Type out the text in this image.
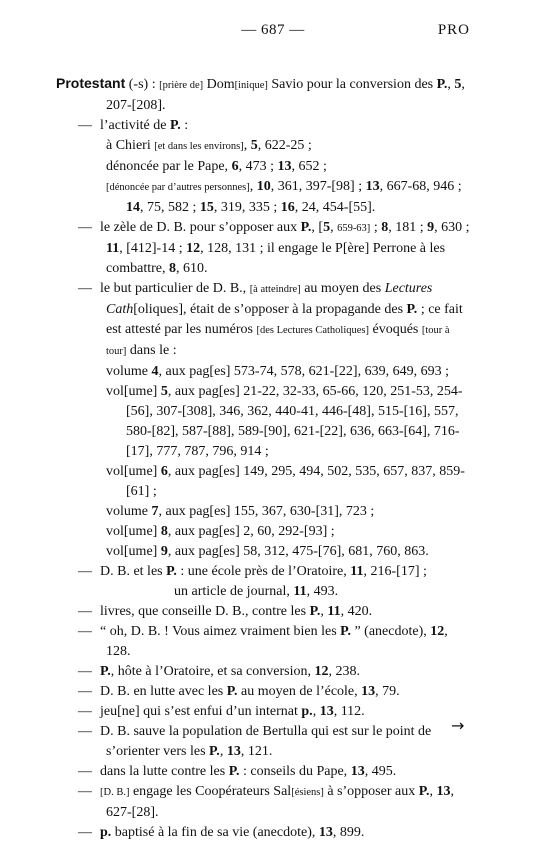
— 687 —	PRO

Protestant (-s) : [prière de] Dom[inique] Savio pour la conversion des P., 5, 207-[208].

— l’activité de P. :

à Chieri [et dans les environs], 5, 622-25 ;

dénoncée par le Pape, 6, 473 ; 13, 652 ;

[dénoncée par d’autres personnes], 10, 361, 397-[98] ; 13, 667-68, 946 ; 14, 75, 582 ; 15, 319, 335 ; 16, 24, 454-[55].

— le zèle de D. B. pour s’opposer aux P., [5, 659-63] ; 8, 181 ; 9, 630 ; 11, [412]-14 ; 12, 128, 131 ; il engage le P[ère] Perrone à les combattre, 8, 610.

— le but particulier de D. B., [à atteindre] au moyen des Lectures Cath[oliques], était de s’opposer à la propagande des P. ; ce fait est attesté par les numéros [des Lectures Catholiques] évoqués [tour à tour] dans le :

volume 4, aux pag[es] 573-74, 578, 621-[22], 639, 649, 693 ;

vol[ume] 5, aux pag[es] 21-22, 32-33, 65-66, 120, 251-53, 254-[56], 307-[308], 346, 362, 440-41, 446-[48], 515-[16], 557, 580-[82], 587-[88], 589-[90], 621-[22], 636, 663-[64], 716-[17], 777, 787, 796, 914 ;

vol[ume] 6, aux pag[es] 149, 295, 494, 502, 535, 657, 837, 859-[61] ;

volume 7, aux pag[es] 155, 367, 630-[31], 723 ;

vol[ume] 8, aux pag[es] 2, 60, 292-[93] ;

vol[ume] 9, aux pag[es] 58, 312, 475-[76], 681, 760, 863.

— D. B. et les P. : une école près de l’Oratoire, 11, 216-[17] ;

un article de journal, 11, 493.

— livres, que conseille D. B., contre les P., 11, 420.

— “ oh, D. B. ! Vous aimez vraiment bien les P. ” (anecdote), 12, 128.

— P., hôte à l’Oratoire, et sa conversion, 12, 238.

— D. B. en lutte avec les P. au moyen de l’école, 13, 79.

— jeu[ne] qui s’est enfui d’un internat p., 13, 112.

— D. B. sauve la population de Bertulla qui est sur le point de s’orienter vers les P., 13, 121.

— dans la lutte contre les P. : conseils du Pape, 13, 495.

— [D. B.] engage les Coopérateurs Sal[ésiens] à s’opposer aux P., 13, 627-[28].

— p. baptisé à la fin de sa vie (anecdote), 13, 899.

→
